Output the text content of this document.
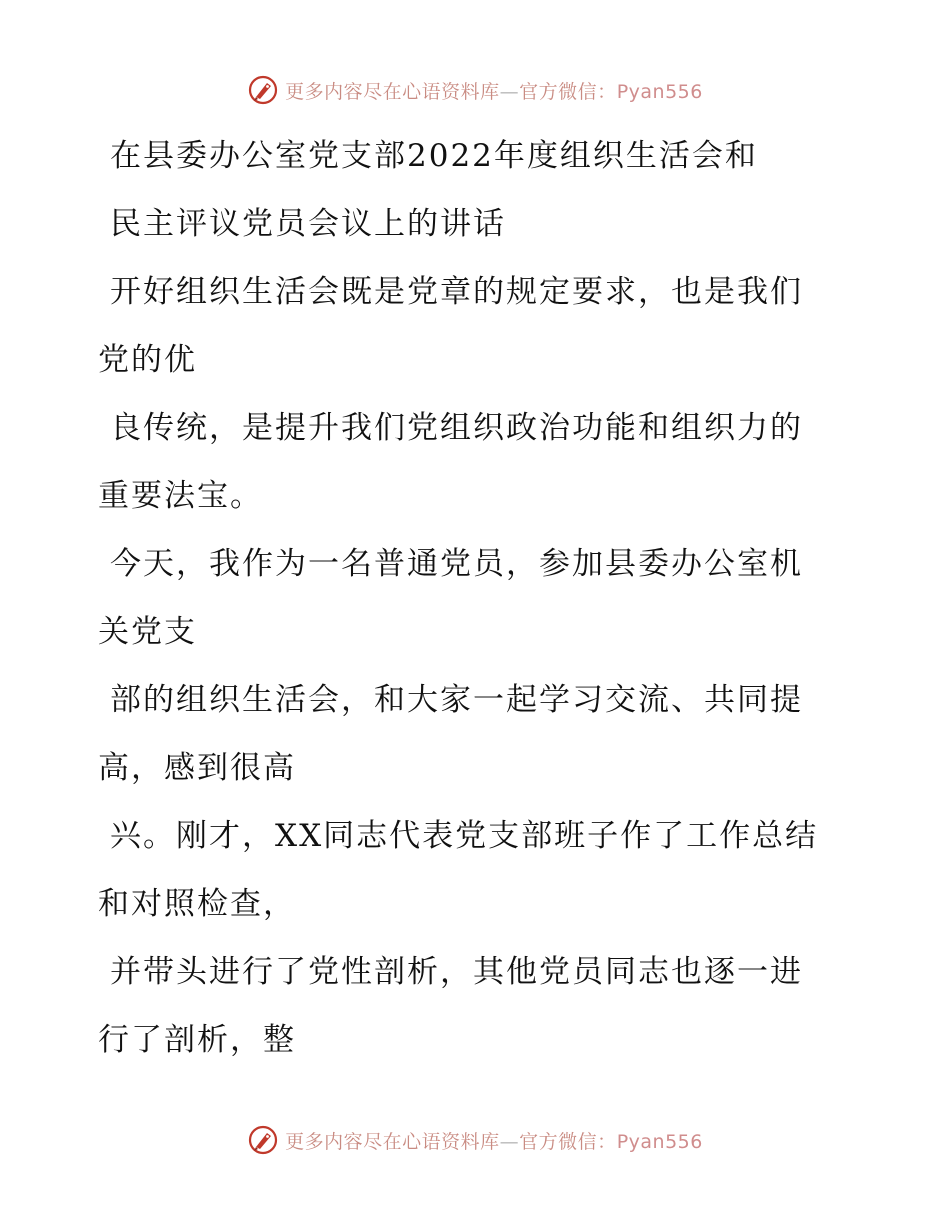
更多内容尽在心语资料库—官方微信：Pyan556
在县委办公室党支部2022年度组织生活会和
民主评议党员会议上的讲话
开好组织生活会既是党章的规定要求，也是我们
党的优
良传统，是提升我们党组织政治功能和组织力的
重要法宝。
今天，我作为一名普通党员，参加县委办公室机
关党支
部的组织生活会，和大家一起学习交流、共同提
高，感到很高
兴。刚才，XX同志代表党支部班子作了工作总结
和对照检查，
并带头进行了党性剖析，其他党员同志也逐一进
行了剖析，整
更多内容尽在心语资料库—官方微信：Pyan556
